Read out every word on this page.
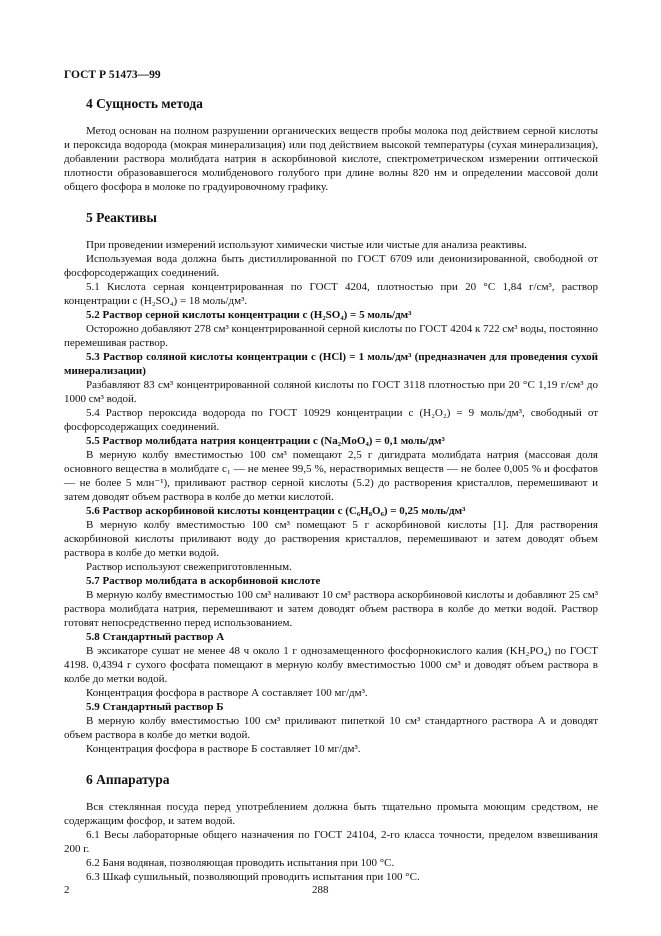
ГОСТ Р 51473—99
4 Сущность метода

Метод основан на полном разрушении органических веществ пробы молока под действием серной кислоты и пероксида водорода (мокрая минерализация) или под действием высокой температуры (сухая минерализация), добавлении раствора молибдата натрия в аскорбиновой кислоте, спектрометрическом измерении оптической плотности образовавшегося молибденового голубого при длине волны 820 нм и определении массовой доли общего фосфора в молоке по градуировочному графику.

5 Реактивы

При проведении измерений используют химически чистые или чистые для анализа реактивы.

Используемая вода должна быть дистиллированной по ГОСТ 6709 или деионизированной, свободной от фосфорсодержащих соединений.

5.1 Кислота серная концентрированная по ГОСТ 4204, плотностью при 20 °С 1,84 г/см³, раствор концентрации c (H₂SO₄) = 18 моль/дм³.

5.2 Раствор серной кислоты концентрации c (H₂SO₄) = 5 моль/дм³

Осторожно добавляют 278 см³ концентрированной серной кислоты по ГОСТ 4204 к 722 см³ воды, постоянно перемешивая раствор.

5.3 Раствор соляной кислоты концентрации c (HCl) = 1 моль/дм³ (предназначен для проведения сухой минерализации)

Разбавляют 83 см³ концентрированной соляной кислоты по ГОСТ 3118 плотностью при 20 °С 1,19 г/см³ до 1000 см³ водой.

5.4 Раствор пероксида водорода по ГОСТ 10929 концентрации c (H₂O₂) = 9 моль/дм³, свободный от фосфорсодержащих соединений.

5.5 Раствор молибдата натрия концентрации c (Na₂MoO₄) = 0,1 моль/дм³

В мерную колбу вместимостью 100 см³ помещают 2,5 г дигидрата молибдата натрия (массовая доля основного вещества в молибдате c₁ — не менее 99,5 %, нерастворимых веществ — не более 0,005 % и фосфатов — не более 5 млн⁻¹), приливают раствор серной кислоты (5.2) до растворения кристаллов, перемешивают и затем доводят объем раствора в колбе до метки кислотой.

5.6 Раствор аскорбиновой кислоты концентрации c (C₆H₈O₆) = 0,25 моль/дм³

В мерную колбу вместимостью 100 см³ помещают 5 г аскорбиновой кислоты [1]. Для растворения аскорбиновой кислоты приливают воду до растворения кристаллов, перемешивают и затем доводят объем раствора в колбе до метки водой.

Раствор используют свежеприготовленным.

5.7 Раствор молибдата в аскорбиновой кислоте

В мерную колбу вместимостью 100 см³ наливают 10 см³ раствора аскорбиновой кислоты и добавляют 25 см³ раствора молибдата натрия, перемешивают и затем доводят объем раствора в колбе до метки водой. Раствор готовят непосредственно перед использованием.

5.8 Стандартный раствор А

В эксикаторе сушат не менее 48 ч около 1 г однозамещенного фосфорнокислого калия (KH₂PO₄) по ГОСТ 4198. 0,4394 г сухого фосфата помещают в мерную колбу вместимостью 1000 см³ и доводят объем раствора в колбе до метки водой.

Концентрация фосфора в растворе А составляет 100 мг/дм³.

5.9 Стандартный раствор Б

В мерную колбу вместимостью 100 см³ приливают пипеткой 10 см³ стандартного раствора А и доводят объем раствора в колбе до метки водой.

Концентрация фосфора в растворе Б составляет 10 мг/дм³.

6 Аппаратура

Вся стеклянная посуда перед употреблением должна быть тщательно промыта моющим средством, не содержащим фосфор, и затем водой.

6.1 Весы лабораторные общего назначения по ГОСТ 24104, 2-го класса точности, пределом взвешивания 200 г.

6.2 Баня водяная, позволяющая проводить испытания при 100 °С.

6.3 Шкаф сушильный, позволяющий проводить испытания при 100 °С.

2	288
